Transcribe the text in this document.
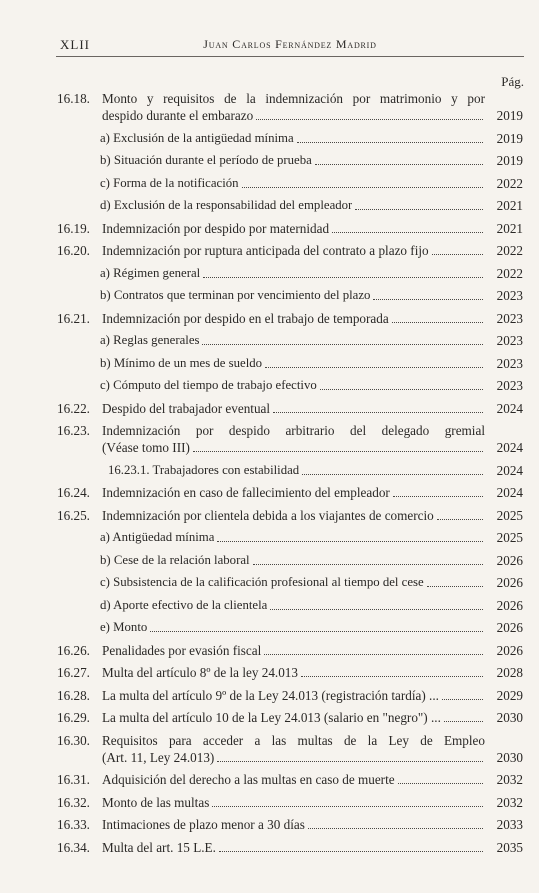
XLII	Juan Carlos Fernández Madrid
Pág.
16.18. Monto y requisitos de la indemnización por matrimonio y por
despido durante el embarazo	2019
a) Exclusión de la antigüedad mínima	2019
b) Situación durante el período de prueba	2019
c) Forma de la notificación	2022
d) Exclusión de la responsabilidad del empleador	2021
16.19. Indemnización por despido por maternidad	2021
16.20. Indemnización por ruptura anticipada del contrato a plazo fijo	2022
a) Régimen general	2022
b) Contratos que terminan por vencimiento del plazo	2023
16.21. Indemnización por despido en el trabajo de temporada	2023
a) Reglas generales	2023
b) Mínimo de un mes de sueldo	2023
c) Cómputo del tiempo de trabajo efectivo	2023
16.22. Despido del trabajador eventual	2024
16.23. Indemnización por despido arbitrario del delegado gremial
(Véase tomo III)	2024
16.23.1. Trabajadores con estabilidad	2024
16.24. Indemnización en caso de fallecimiento del empleador	2024
16.25. Indemnización por clientela debida a los viajantes de comercio	2025
a) Antigüedad mínima	2025
b) Cese de la relación laboral	2026
c) Subsistencia de la calificación profesional al tiempo del cese	2026
d) Aporte efectivo de la clientela	2026
e) Monto	2026
16.26. Penalidades por evasión fiscal	2026
16.27. Multa del artículo 8º de la ley 24.013	2028
16.28. La multa del artículo 9º de la Ley 24.013 (registración tardía) ...	2029
16.29. La multa del artículo 10 de la Ley 24.013 (salario en "negro") ...	2030
16.30. Requisitos para acceder a las multas de la Ley de Empleo
(Art. 11, Ley 24.013)	2030
16.31. Adquisición del derecho a las multas en caso de muerte	2032
16.32. Monto de las multas	2032
16.33. Intimaciones de plazo menor a 30 días	2033
16.34. Multa del art. 15 L.E.	2035
